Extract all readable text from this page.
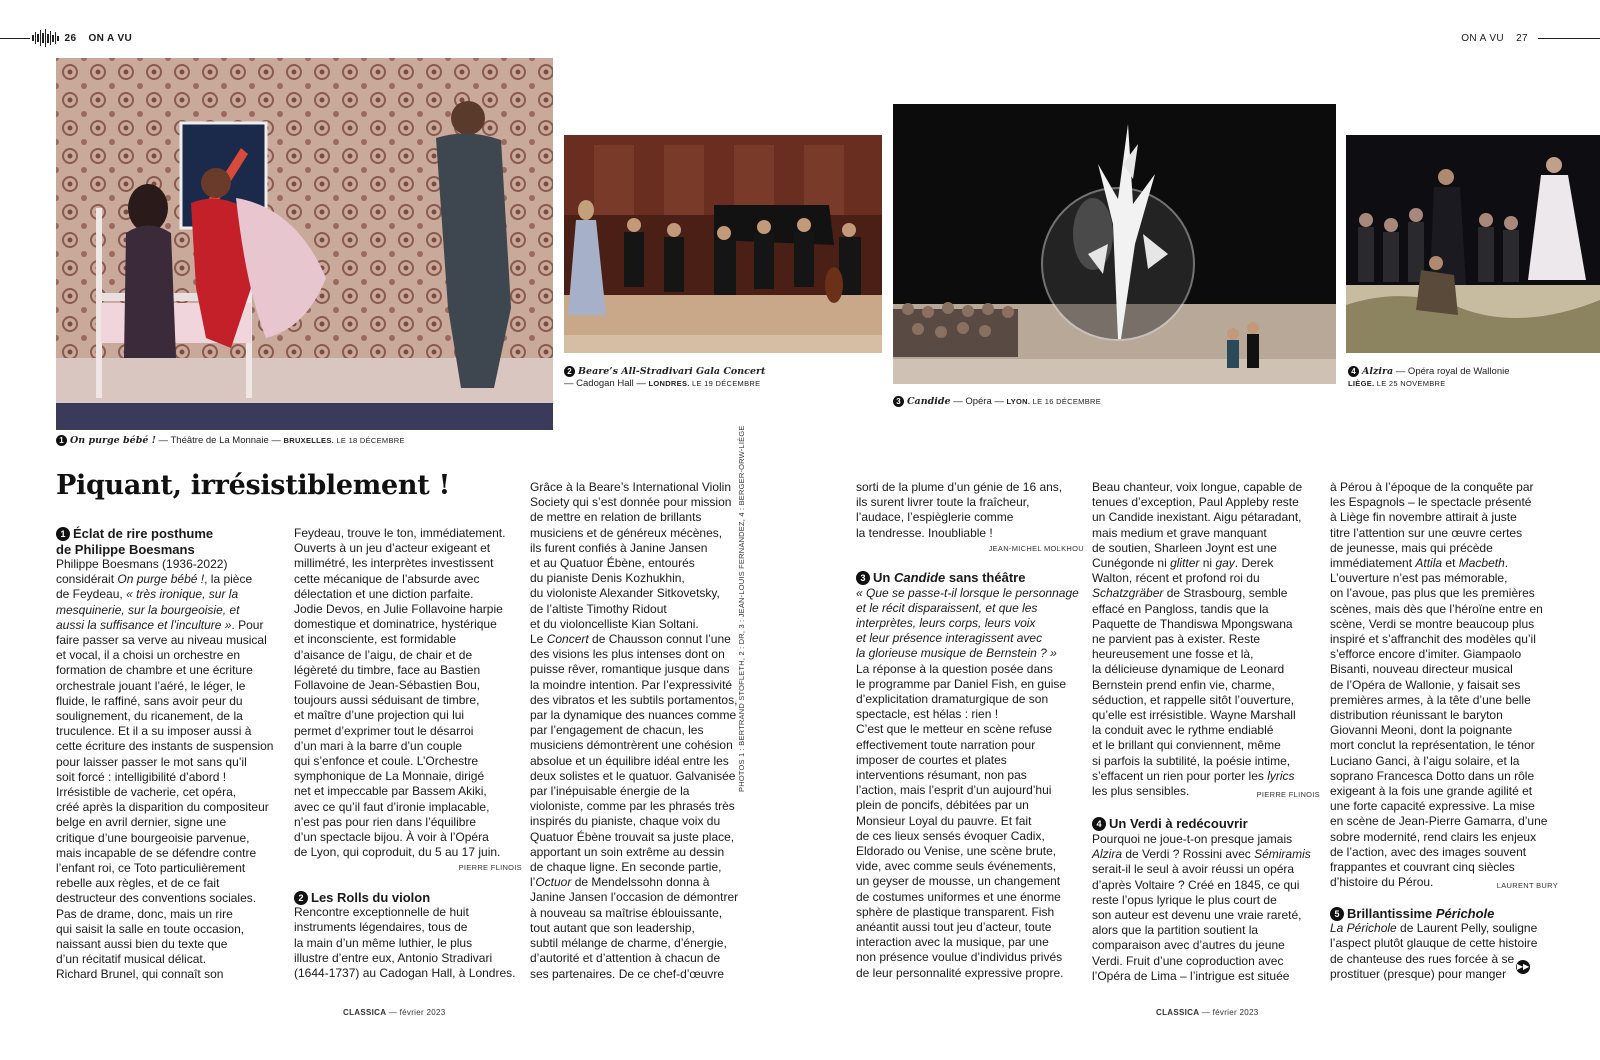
26 ON A VU	ON A VU 27
1 On purge bébé ! — Théâtre de La Monnaie — BRUXELLES. LE 18 DÉCEMBRE
2 Beare’s All-Stradivari Gala Concert
— Cadogan Hall — LONDRES. LE 19 DÉCEMBRE
3 Candide — Opéra — LYON. LE 16 DÉCEMBRE
4 Alzira — Opéra royal de Wallonie
LIÈGE. LE 25 NOVEMBRE
Piquant, irrésistiblement !

1 Éclat de rire posthume

de Philippe Boesmans

Philippe Boesmans (1936-2022)
considérait On purge bébé !, la pièce
de Feydeau, « très ironique, sur la
mesquinerie, sur la bourgeoisie, et
aussi la suffisance et l’inculture ». Pour
faire passer sa verve au niveau musical
et vocal, il a choisi un orchestre en
formation de chambre et une écriture
orchestrale jouant l’aéré, le léger, le
fluide, le raffiné, sans avoir peur du
soulignement, du ricanement, de la
truculence. Et il a su imposer aussi à
cette écriture des instants de suspension
pour laisser passer le mot sans qu’il
soit forcé : intelligibilité d’abord !
Irrésistible de vacherie, cet opéra,
créé après la disparition du compositeur
belge en avril dernier, signe une
critique d’une bourgeoisie parvenue,
mais incapable de se défendre contre
l’enfant roi, ce Toto particulièrement
rebelle aux règles, et de ce fait
destructeur des conventions sociales.
Pas de drame, donc, mais un rire
qui saisit la salle en toute occasion,
naissant aussi bien du texte que
d’un récitatif musical délicat.
Richard Brunel, qui connaît son

Feydeau, trouve le ton, immédiatement.
Ouverts à un jeu d’acteur exigeant et
millimétré, les interprètes investissent
cette mécanique de l’absurde avec
délectation et une diction parfaite.
Jodie Devos, en Julie Follavoine harpie
domestique et dominatrice, hystérique
et inconsciente, est formidable
d’aisance de l’aigu, de chair et de
légèreté du timbre, face au Bastien
Follavoine de Jean-Sébastien Bou,
toujours aussi séduisant de timbre,
et maître d’une projection qui lui
permet d’exprimer tout le désarroi
d’un mari à la barre d’un couple
qui s’enfonce et coule. L’Orchestre
symphonique de La Monnaie, dirigé
net et impeccable par Bassem Akiki,
avec ce qu’il faut d’ironie implacable,
n’est pas pour rien dans l’équilibre
d’un spectacle bijou. À voir à l’Opéra
de Lyon, qui coproduit, du 5 au 17 juin.

PIERRE FLINOIS

2 Les Rolls du violon

Rencontre exceptionnelle de huit
instruments légendaires, tous de
la main d’un même luthier, le plus
illustre d’entre eux, Antonio Stradivari
(1644-1737) au Cadogan Hall, à Londres.

Grâce à la Beare’s International Violin
Society qui s’est donnée pour mission
de mettre en relation de brillants
musiciens et de généreux mécènes,
ils furent confiés à Janine Jansen
et au Quatuor Ébène, entourés
du pianiste Denis Kozhukhin,
du violoniste Alexander Sitkovetsky,
de l’altiste Timothy Ridout
et du violoncelliste Kian Soltani.
Le Concert de Chausson connut l’une
des visions les plus intenses dont on
puisse rêver, romantique jusque dans
la moindre intention. Par l’expressivité
des vibratos et les subtils portamentos,
par la dynamique des nuances comme
par l’engagement de chacun, les
musiciens démontrèrent une cohésion
absolue et un équilibre idéal entre les
deux solistes et le quatuor. Galvanisée
par l’inépuisable énergie de la
violoniste, comme par les phrasés très
inspirés du pianiste, chaque voix du
Quatuor Ébène trouvait sa juste place,
apportant un soin extrême au dessin
de chaque ligne. En seconde partie,
l’Octuor de Mendelssohn donna à
Janine Jansen l’occasion de démontrer
à nouveau sa maîtrise éblouissante,
tout autant que son leadership,
subtil mélange de charme, d’énergie,
d’autorité et d’attention à chacun de
ses partenaires. De ce chef-d’œuvre

PHOTOS 1 : BERTRAND STOFLETH, 2 : DR, 3 : JEAN-LOUIS FERNANDEZ, 4 : BERGER-ORW-LIÈGE	sorti de la plume d’un génie de 16 ans,
ils surent livrer toute la fraîcheur,
l’audace, l’espièglerie comme
la tendresse. Inoubliable !

JEAN-MICHEL MOLKHOU

3 Un Candide sans théâtre

« Que se passe-t-il lorsque le personnage
et le récit disparaissent, et que les
interprètes, leurs corps, leurs voix
et leur présence interagissent avec
la glorieuse musique de Bernstein ? »
La réponse à la question posée dans
le programme par Daniel Fish, en guise
d’explicitation dramaturgique de son
spectacle, est hélas : rien !
C’est que le metteur en scène refuse
effectivement toute narration pour
imposer de courtes et plates
interventions résumant, non pas
l’action, mais l’esprit d’un aujourd’hui
plein de poncifs, débitées par un
Monsieur Loyal du pauvre. Et fait
de ces lieux sensés évoquer Cadix,
Eldorado ou Venise, une scène brute,
vide, avec comme seuls événements,
un geyser de mousse, un changement
de costumes uniformes et une énorme
sphère de plastique transparent. Fish
anéantit aussi tout jeu d’acteur, toute
interaction avec la musique, par une
non présence voulue d’individus privés
de leur personnalité expressive propre.

Beau chanteur, voix longue, capable de
tenues d’exception, Paul Appleby reste
un Candide inexistant. Aigu pétaradant,
mais medium et grave manquant
de soutien, Sharleen Joynt est une
Cunégonde ni glitter ni gay. Derek
Walton, récent et profond roi du
Schatzgräber de Strasbourg, semble
effacé en Pangloss, tandis que la
Paquette de Thandiswa Mpongswana
ne parvient pas à exister. Reste
heureusement une fosse et là,
la délicieuse dynamique de Leonard
Bernstein prend enfin vie, charme,
séduction, et rappelle sitôt l’ouverture,
qu’elle est irrésistible. Wayne Marshall
la conduit avec le rythme endiablé
et le brillant qui conviennent, même
si parfois la subtilité, la poésie intime,
s’effacent un rien pour porter les lyrics
les plus sensibles.	PIERRE FLINOIS

4 Un Verdi à redécouvrir

Pourquoi ne joue-t-on presque jamais
Alzira de Verdi ? Rossini avec Sémiramis
serait-il le seul à avoir réussi un opéra
d’après Voltaire ? Créé en 1845, ce qui
reste l’opus lyrique le plus court de
son auteur est devenu une vraie rareté,
alors que la partition soutient la
comparaison avec d’autres du jeune
Verdi. Fruit d’une coproduction avec
l’Opéra de Lima – l’intrigue est située

à Pérou à l’époque de la conquête par
les Espagnols – le spectacle présenté
à Liège fin novembre attirait à juste
titre l’attention sur une œuvre certes
de jeunesse, mais qui précède
immédiatement Attila et Macbeth.
L’ouverture n’est pas mémorable,
on l’avoue, pas plus que les premières
scènes, mais dès que l’héroïne entre en
scène, Verdi se montre beaucoup plus
inspiré et s’affranchit des modèles qu’il
s’efforce encore d’imiter. Giampaolo
Bisanti, nouveau directeur musical
de l’Opéra de Wallonie, y faisait ses
premières armes, à la tête d’une belle
distribution réunissant le baryton
Giovanni Meoni, dont la poignante
mort conclut la représentation, le ténor
Luciano Ganci, à l’aigu solaire, et la
soprano Francesca Dotto dans un rôle
exigeant à la fois une grande agilité et
une forte capacité expressive. La mise
en scène de Jean-Pierre Gamarra, d’une
sobre modernité, rend clairs les enjeux
de l’action, avec des images souvent
frappantes et couvrant cinq siècles
d’histoire du Pérou.	LAURENT BURY

5 Brillantissime Périchole

La Périchole de Laurent Pelly, souligne
l’aspect plutôt glauque de cette histoire
de chanteuse des rues forcée à se
prostituer (presque) pour manger

▶▶
CLASSICA — février 2023	CLASSICA — février 2023
